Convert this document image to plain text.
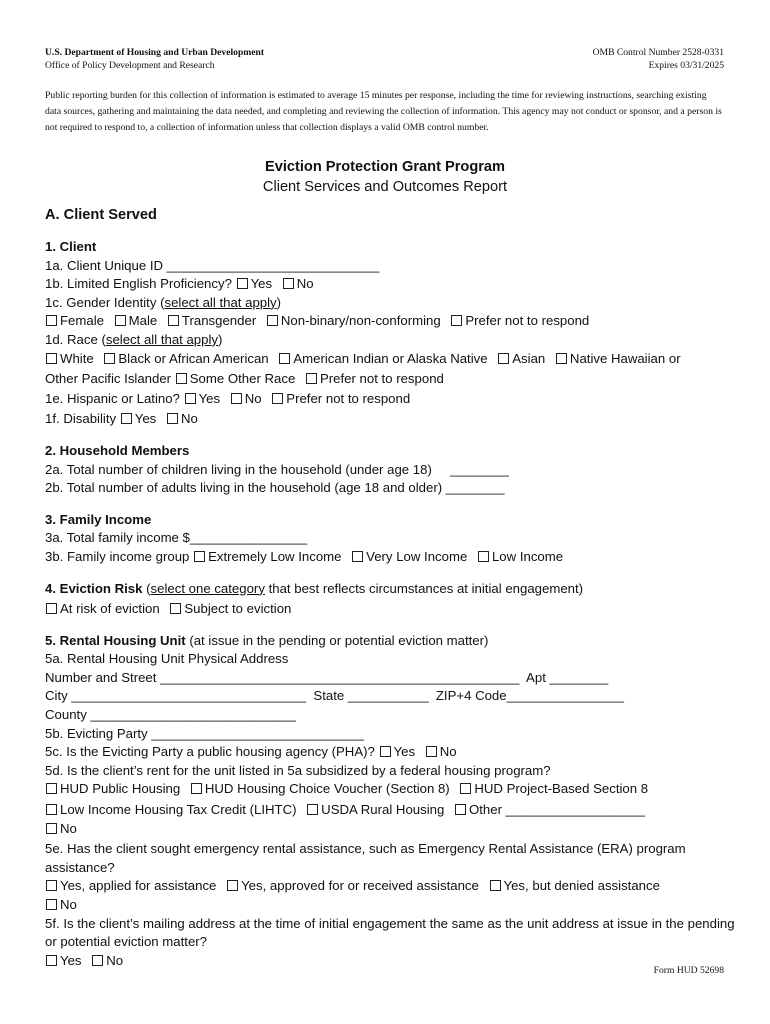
U.S. Department of Housing and Urban Development
Office of Policy Development and Research
OMB Control Number 2528-0331
Expires 03/31/2025
Public reporting burden for this collection of information is estimated to average 15 minutes per response, including the time for reviewing instructions, searching existing data sources, gathering and maintaining the data needed, and completing and reviewing the collection of information. This agency may not conduct or sponsor, and a person is not required to respond to, a collection of information unless that collection displays a valid OMB control number.
Eviction Protection Grant Program
Client Services and Outcomes Report
A. Client Served
1. Client
1a. Client Unique ID _____________________________
1b. Limited English Proficiency? Yes No
1c. Gender Identity (select all that apply)
Female Male Transgender Non-binary/non-conforming Prefer not to respond
1d. Race (select all that apply)
White Black or African American American Indian or Alaska Native Asian Native Hawaiian or
Other Pacific Islander Some Other Race Prefer not to respond
1e. Hispanic or Latino? Yes No Prefer not to respond
1f. Disability Yes No
2. Household Members
2a. Total number of children living in the household (under age 18)     ________
2b. Total number of adults living in the household (age 18 and older) ________
3. Family Income
3a. Total family income $________________
3b. Family income group Extremely Low Income Very Low Income Low Income
4. Eviction Risk (select one category that best reflects circumstances at initial engagement)
At risk of eviction Subject to eviction
5. Rental Housing Unit (at issue in the pending or potential eviction matter)
5a. Rental Housing Unit Physical Address
Number and Street _________________________________________________  Apt ________
City ________________________________  State ___________  ZIP+4 Code________________
County ____________________________
5b. Evicting Party _____________________________
5c. Is the Evicting Party a public housing agency (PHA)? Yes No
5d. Is the client’s rent for the unit listed in 5a subsidized by a federal housing program?
HUD Public Housing HUD Housing Choice Voucher (Section 8) HUD Project-Based Section 8
Low Income Housing Tax Credit (LIHTC) USDA Rural Housing Other ___________________
No
5e. Has the client sought emergency rental assistance, such as Emergency Rental Assistance (ERA) program assistance?
Yes, applied for assistance Yes, approved for or received assistance Yes, but denied assistance
No
5f. Is the client’s mailing address at the time of initial engagement the same as the unit address at issue in the pending or potential eviction matter?
Yes No
Form HUD 52698
